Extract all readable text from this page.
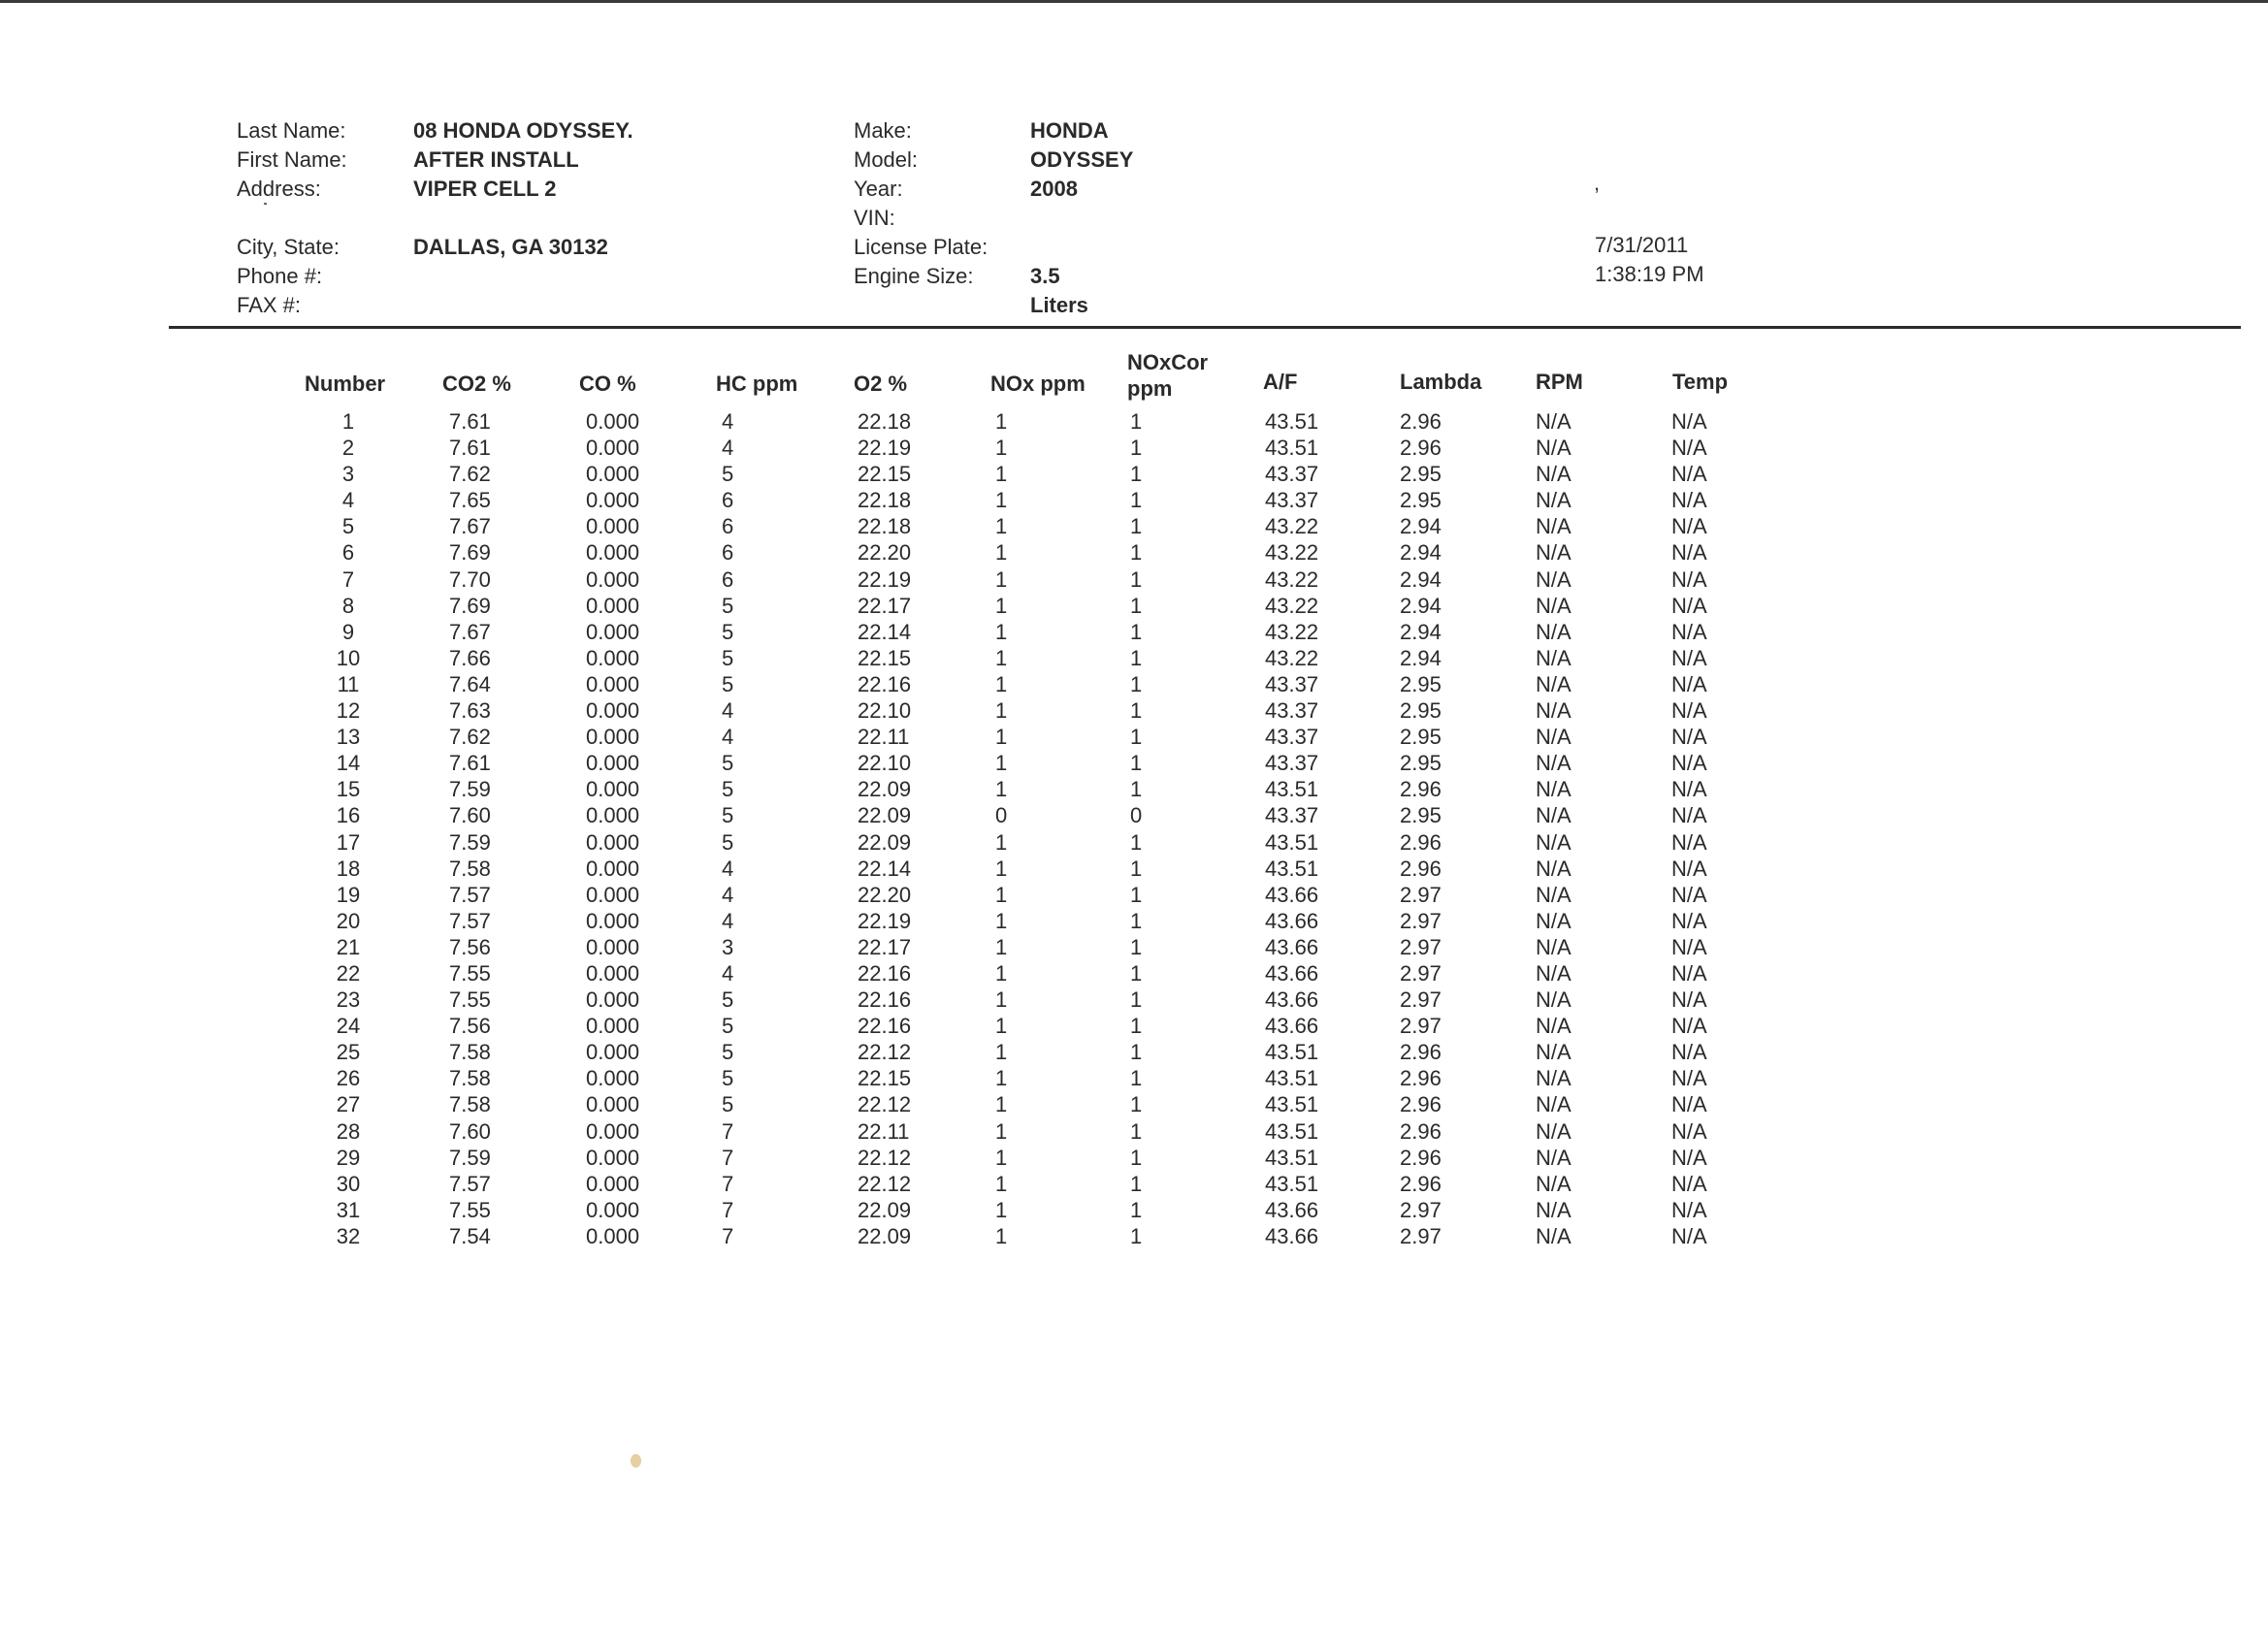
Last Name:	08 HONDA ODYSSEY.
First Name:	AFTER INSTALL
Address:	VIPER CELL 2
City, State:	DALLAS, GA 30132
Phone #:
FAX #:
Make:	HONDA
Model:	ODYSSEY
Year:	2008
VIN:
License Plate:
Engine Size:	3.5
Liters
,
7/31/2011
1:38:19 PM
Number	CO2 %	CO %	HC ppm	O2 %	NOx ppm
NOxCor
ppm	A/F	Lambda	RPM	Temp
1	7.61	0.000	4	22.18	1	1	43.51	2.96	N/A	N/A
2	7.61	0.000	4	22.19	1	1	43.51	2.96	N/A	N/A
3	7.62	0.000	5	22.15	1	1	43.37	2.95	N/A	N/A
4	7.65	0.000	6	22.18	1	1	43.37	2.95	N/A	N/A
5	7.67	0.000	6	22.18	1	1	43.22	2.94	N/A	N/A
6	7.69	0.000	6	22.20	1	1	43.22	2.94	N/A	N/A
7	7.70	0.000	6	22.19	1	1	43.22	2.94	N/A	N/A
8	7.69	0.000	5	22.17	1	1	43.22	2.94	N/A	N/A
9	7.67	0.000	5	22.14	1	1	43.22	2.94	N/A	N/A
10	7.66	0.000	5	22.15	1	1	43.22	2.94	N/A	N/A
11	7.64	0.000	5	22.16	1	1	43.37	2.95	N/A	N/A
12	7.63	0.000	4	22.10	1	1	43.37	2.95	N/A	N/A
13	7.62	0.000	4	22.11	1	1	43.37	2.95	N/A	N/A
14	7.61	0.000	5	22.10	1	1	43.37	2.95	N/A	N/A
15	7.59	0.000	5	22.09	1	1	43.51	2.96	N/A	N/A
16	7.60	0.000	5	22.09	0	0	43.37	2.95	N/A	N/A
17	7.59	0.000	5	22.09	1	1	43.51	2.96	N/A	N/A
18	7.58	0.000	4	22.14	1	1	43.51	2.96	N/A	N/A
19	7.57	0.000	4	22.20	1	1	43.66	2.97	N/A	N/A
20	7.57	0.000	4	22.19	1	1	43.66	2.97	N/A	N/A
21	7.56	0.000	3	22.17	1	1	43.66	2.97	N/A	N/A
22	7.55	0.000	4	22.16	1	1	43.66	2.97	N/A	N/A
23	7.55	0.000	5	22.16	1	1	43.66	2.97	N/A	N/A
24	7.56	0.000	5	22.16	1	1	43.66	2.97	N/A	N/A
25	7.58	0.000	5	22.12	1	1	43.51	2.96	N/A	N/A
26	7.58	0.000	5	22.15	1	1	43.51	2.96	N/A	N/A
27	7.58	0.000	5	22.12	1	1	43.51	2.96	N/A	N/A
28	7.60	0.000	7	22.11	1	1	43.51	2.96	N/A	N/A
29	7.59	0.000	7	22.12	1	1	43.51	2.96	N/A	N/A
30	7.57	0.000	7	22.12	1	1	43.51	2.96	N/A	N/A
31	7.55	0.000	7	22.09	1	1	43.66	2.97	N/A	N/A
32	7.54	0.000	7	22.09	1	1	43.66	2.97	N/A	N/A
